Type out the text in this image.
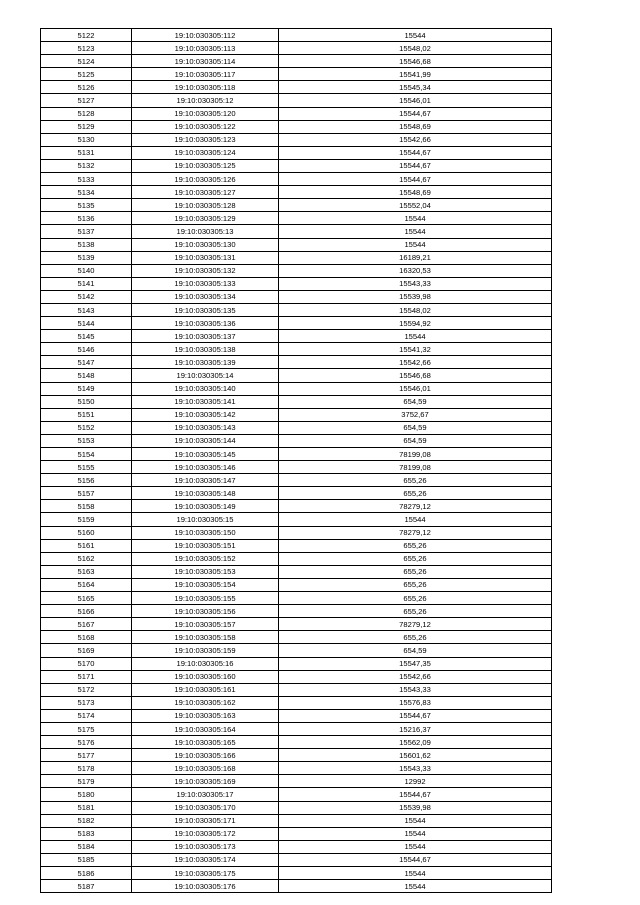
5122	19:10:030305:112	15544
5123	19:10:030305:113	15548,02
5124	19:10:030305:114	15546,68
5125	19:10:030305:117	15541,99
5126	19:10:030305:118	15545,34
5127	19:10:030305:12	15546,01
5128	19:10:030305:120	15544,67
5129	19:10:030305:122	15548,69
5130	19:10:030305:123	15542,66
5131	19:10:030305:124	15544,67
5132	19:10:030305:125	15544,67
5133	19:10:030305:126	15544,67
5134	19:10:030305:127	15548,69
5135	19:10:030305:128	15552,04
5136	19:10:030305:129	15544
5137	19:10:030305:13	15544
5138	19:10:030305:130	15544
5139	19:10:030305:131	16189,21
5140	19:10:030305:132	16320,53
5141	19:10:030305:133	15543,33
5142	19:10:030305:134	15539,98
5143	19:10:030305:135	15548,02
5144	19:10:030305:136	15594,92
5145	19:10:030305:137	15544
5146	19:10:030305:138	15541,32
5147	19:10:030305:139	15542,66
5148	19:10:030305:14	15546,68
5149	19:10:030305:140	15546,01
5150	19:10:030305:141	654,59
5151	19:10:030305:142	3752,67
5152	19:10:030305:143	654,59
5153	19:10:030305:144	654,59
5154	19:10:030305:145	78199,08
5155	19:10:030305:146	78199,08
5156	19:10:030305:147	655,26
5157	19:10:030305:148	655,26
5158	19:10:030305:149	78279,12
5159	19:10:030305:15	15544
5160	19:10:030305:150	78279,12
5161	19:10:030305:151	655,26
5162	19:10:030305:152	655,26
5163	19:10:030305:153	655,26
5164	19:10:030305:154	655,26
5165	19:10:030305:155	655,26
5166	19:10:030305:156	655,26
5167	19:10:030305:157	78279,12
5168	19:10:030305:158	655,26
5169	19:10:030305:159	654,59
5170	19:10:030305:16	15547,35
5171	19:10:030305:160	15542,66
5172	19:10:030305:161	15543,33
5173	19:10:030305:162	15576,83
5174	19:10:030305:163	15544,67
5175	19:10:030305:164	15216,37
5176	19:10:030305:165	15562,09
5177	19:10:030305:166	15601,62
5178	19:10:030305:168	15543,33
5179	19:10:030305:169	12992
5180	19:10:030305:17	15544,67
5181	19:10:030305:170	15539,98
5182	19:10:030305:171	15544
5183	19:10:030305:172	15544
5184	19:10:030305:173	15544
5185	19:10:030305:174	15544,67
5186	19:10:030305:175	15544
5187	19:10:030305:176	15544
